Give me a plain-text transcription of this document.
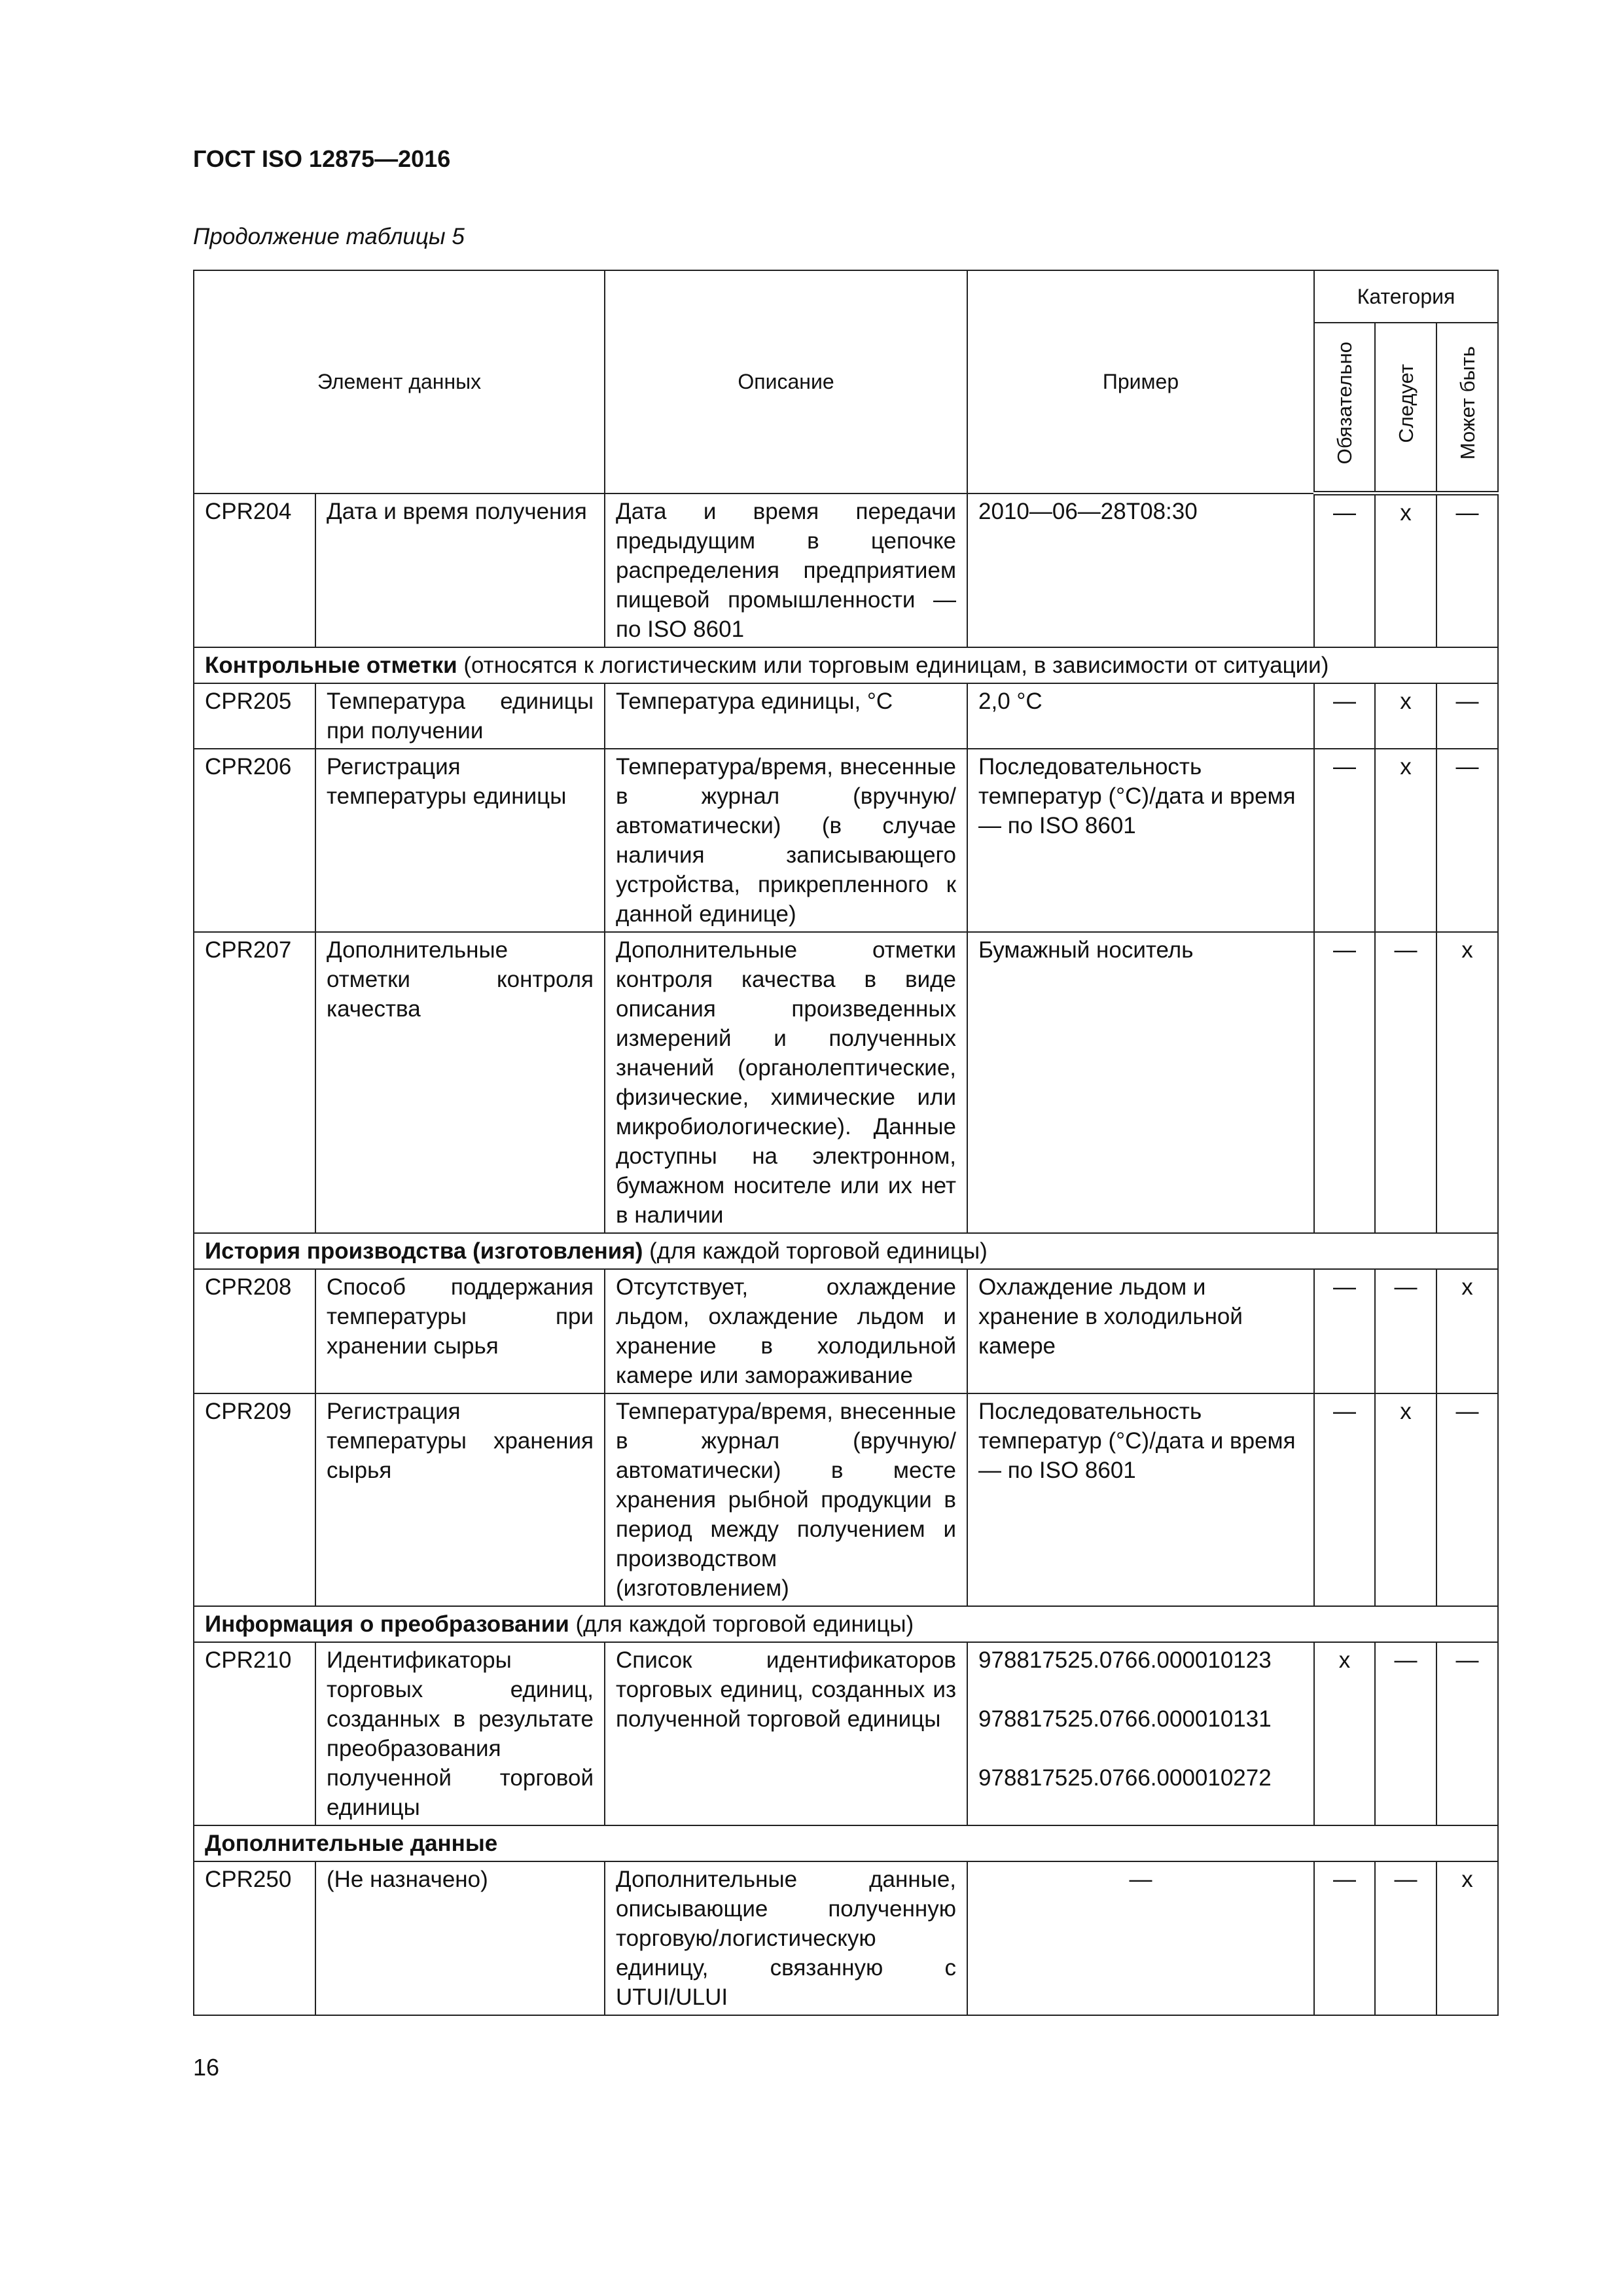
ГОСТ ISO 12875—2016
Продолжение таблицы 5
Элемент данных		Описание	Пример	Категория		
				Обязательно	Следует	Может быть
CPR204	Дата и время получения	Дата и время передачи предыдущим в цепочке распределения предприятием пищевой промышленности — по ISO 8601	2010—06—28T08:30	—	x	—
Контрольные отметки (относятся к логистическим или торговым единицам, в зависимости от ситуации)						
CPR205	Температура единицы при получении	Температура единицы, °C	2,0 °C	—	x	—
CPR206	Регистрация температуры единицы	Температура/время, внесенные в журнал (вручную/автоматически) (в случае наличия записывающего устройства, прикрепленного к данной единице)	Последовательность температур (°C)/дата и время — по ISO 8601	—	x	—
CPR207	Дополнительные отметки контроля качества	Дополнительные отметки контроля качества в виде описания произведенных измерений и полученных значений (органолептические, физические, химические или микробиологические). Данные доступны на электронном, бумажном носителе или их нет в наличии	Бумажный носитель	—	—	x
История производства (изготовления) (для каждой торговой единицы)						
CPR208	Способ поддержания температуры при хранении сырья	Отсутствует, охлаждение льдом, охлаждение льдом и хранение в холодильной камере или замораживание	Охлаждение льдом и хранение в холодильной камере	—	—	x
CPR209	Регистрация температуры хранения сырья	Температура/время, внесенные в журнал (вручную/автоматически) в месте хранения рыбной продукции в период между получением и производством (изготовлением)	Последовательность температур (°C)/дата и время — по ISO 8601	—	x	—
Информация о преобразовании (для каждой торговой единицы)						
CPR210	Идентификаторы торговых единиц, созданных в результате преобразования полученной торговой единицы	Список идентификаторов торговых единиц, созданных из полученной торговой единицы	978817525.0766.000010123
978817525.0766.000010131
978817525.0766.000010272	x	—	—
Дополнительные данные						
CPR250	(Не назначено)	Дополнительные данные, описывающие полученную торговую/логистическую единицу, связанную с UTUI/ULUI	—	—	—	x
16
